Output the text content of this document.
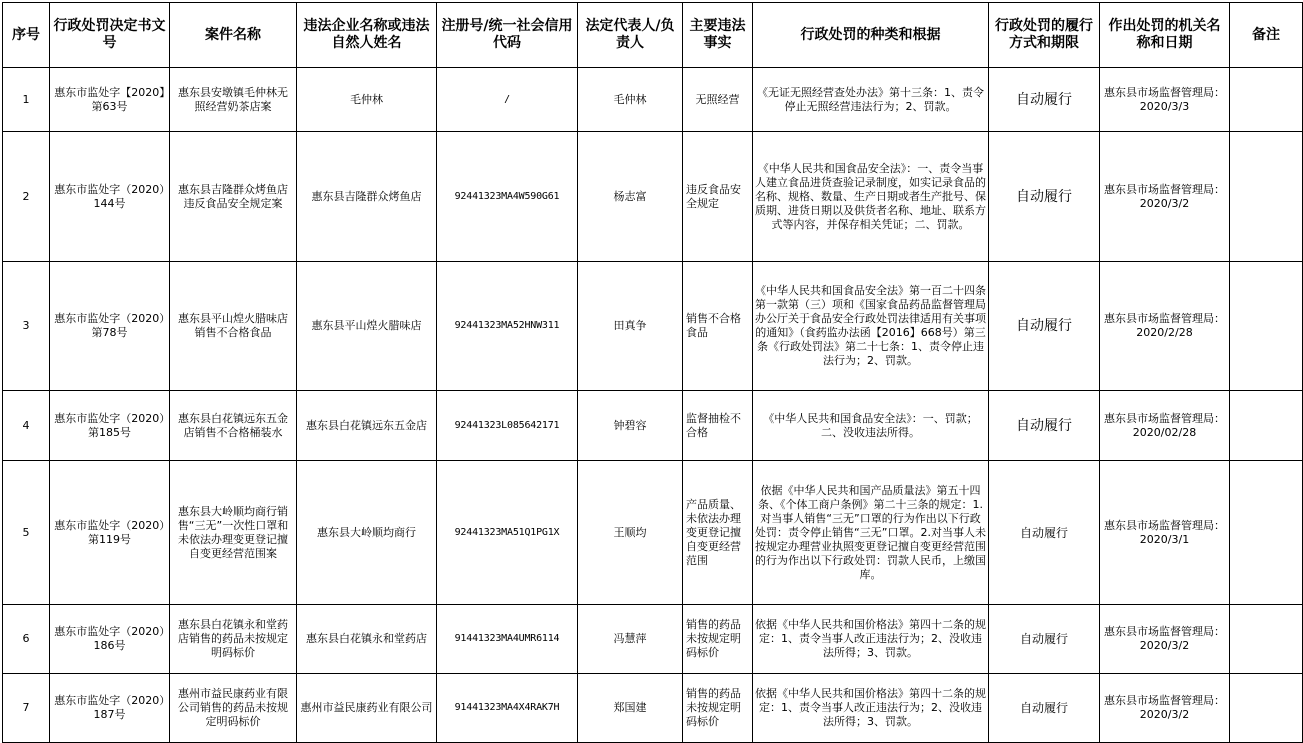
序号	行政处罚决定书文号	案件名称	违法企业名称或违法自然人姓名	注册号/统一社会信用代码	法定代表人/负责人	主要违法事实	行政处罚的种类和根据	行政处罚的履行方式和期限	作出处罚的机关名称和日期	备注
1	惠东市监处字【2020】第63号	惠东县安墩镇毛仲林无照经营奶茶店案	毛仲林	/	毛仲林	无照经营	《无证无照经营查处办法》第十三条：1、责令停止无照经营违法行为；2、罚款。	自动履行	惠东县市场监督管理局：2020/3/3	
2	惠东市监处字（2020）144号	惠东县吉隆群众烤鱼店违反食品安全规定案	惠东县吉隆群众烤鱼店	92441323MA4W590G61	杨志富	违反食品安全规定	《中华人民共和国食品安全法》：一、责令当事人建立食品进货查验记录制度，如实记录食品的名称、规格、数量、生产日期或者生产批号、保质期、进货日期以及供货者名称、地址、联系方式等内容，并保存相关凭证；二、罚款。	自动履行	惠东县市场监督管理局：2020/3/2	
3	惠东市监处字（2020）第78号	惠东县平山煌火腊味店销售不合格食品	惠东县平山煌火腊味店	92441323MA52HNW311	田真争	销售不合格食品	《中华人民共和国食品安全法》第一百二十四条第一款第（三）项和《国家食品药品监督管理局办公厅关于食品安全行政处罚法律适用有关事项的通知》（食药监办法函【2016】668号）第三条《行政处罚法》第二十七条：1、责令停止违法行为；2、罚款。	自动履行	惠东县市场监督管理局：2020/2/28	
4	惠东市监处字（2020）第185号	惠东县白花镇远东五金店销售不合格桶装水	惠东县白花镇远东五金店	92441323L085642171	钟碧容	监督抽检不合格	《中华人民共和国食品安全法》：一、罚款；二、没收违法所得。	自动履行	惠东县市场监督管理局：2020/02/28	
5	惠东市监处字（2020）第119号	惠东县大岭顺均商行销售“三无”一次性口罩和未依法办理变更登记擅自变更经营范围案	惠东县大岭顺均商行	92441323MA51Q1PG1X	王顺均	产品质量、未依法办理变更登记擅自变更经营范围	依据《中华人民共和国产品质量法》第五十四条、《个体工商户条例》第二十三条的规定：1.对当事人销售“三无”口罩的行为作出以下行政处罚：责令停止销售“三无”口罩。2.对当事人未按规定办理营业执照变更登记擅自变更经营范围的行为作出以下行政处罚：罚款人民币，上缴国库。	自动履行	惠东县市场监督管理局：2020/3/1	
6	惠东市监处字（2020）186号	惠东县白花镇永和堂药店销售的药品未按规定明码标价	惠东县白花镇永和堂药店	91441323MA4UMR6114	冯慧萍	销售的药品未按规定明码标价	依据《中华人民共和国价格法》第四十二条的规定：1、责令当事人改正违法行为；2、没收违法所得；3、罚款。	自动履行	惠东县市场监督管理局：2020/3/2	
7	惠东市监处字（2020）187号	惠州市益民康药业有限公司销售的药品未按规定明码标价	惠州市益民康药业有限公司	91441323MA4X4RAK7H	郑国建	销售的药品未按规定明码标价	依据《中华人民共和国价格法》第四十二条的规定：1、责令当事人改正违法行为；2、没收违法所得；3、罚款。	自动履行	惠东县市场监督管理局：2020/3/2	
